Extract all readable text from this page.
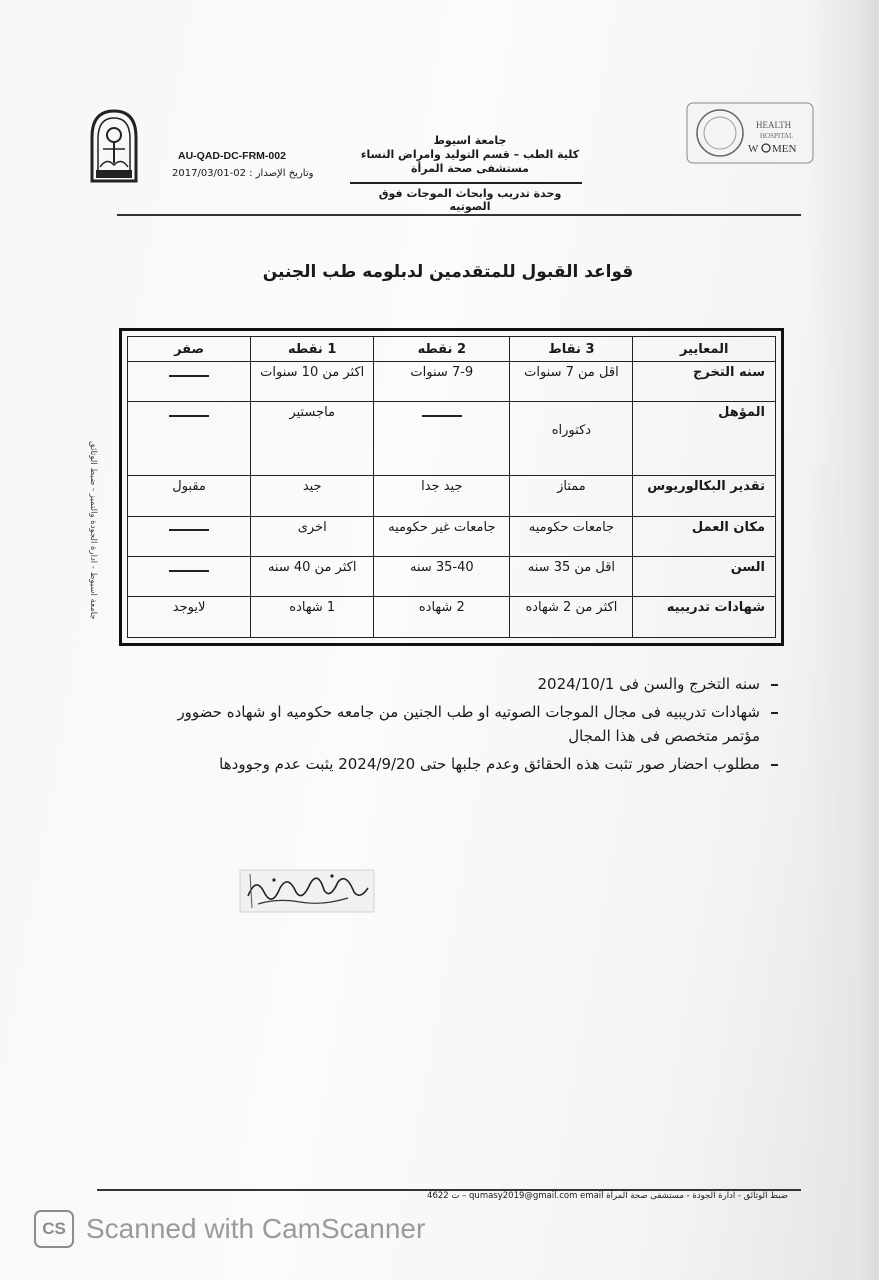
AU-QAD-DC-FRM-002
وتاريخ الإصدار : 02-2017/03/01
جامعة اسيوط
كلية الطب – قسم التوليد وامراض النساء
مستشفى صحة المرأة
وحدة تدريب وابحاث الموجات فوق الصوتيه
HEALTH
HOSPITAL
W MEN
قواعد القبول للمتقدمين لدبلومه طب الجنين
المعايير	3 نقاط	2 نقطه	1 نقطه	صفر
سنه التخرج	اقل من 7 سنوات	7-9 سنوات	اكثر من 10 سنوات	
المؤهل	دكتوراه		ماجستير	
تقدير البكالوريوس	ممتاز	جيد جدا	جيد	مقبول
مكان العمل	جامعات حكوميه	جامعات غير حكوميه	اخرى	
السن	اقل من 35 سنه	35-40 سنه	اكثر من 40 سنه	
شهادات تدريبيه	اكثر من 2 شهاده	2 شهاده	1 شهاده	لايوجد
جامعة اسيوط - ادارة الجودة والتميز - ضبط الوثائق
سنه التخرج والسن فى 2024/10/1
شهادات تدريبيه فى مجال الموجات الصوتيه او طب الجنين من جامعه حكوميه او شهاده حضوور مؤتمر متخصص فى هذا المجال
مطلوب احضار صور تثبت هذه الحقائق وعدم جلبها حتى 2024/9/20 يثبت عدم وجوودها
ضبط الوثائق - ادارة الجودة - مستشفى صحة المرأة qumasy2019@gmail.com email – ت 4622
CS Scanned with CamScanner
